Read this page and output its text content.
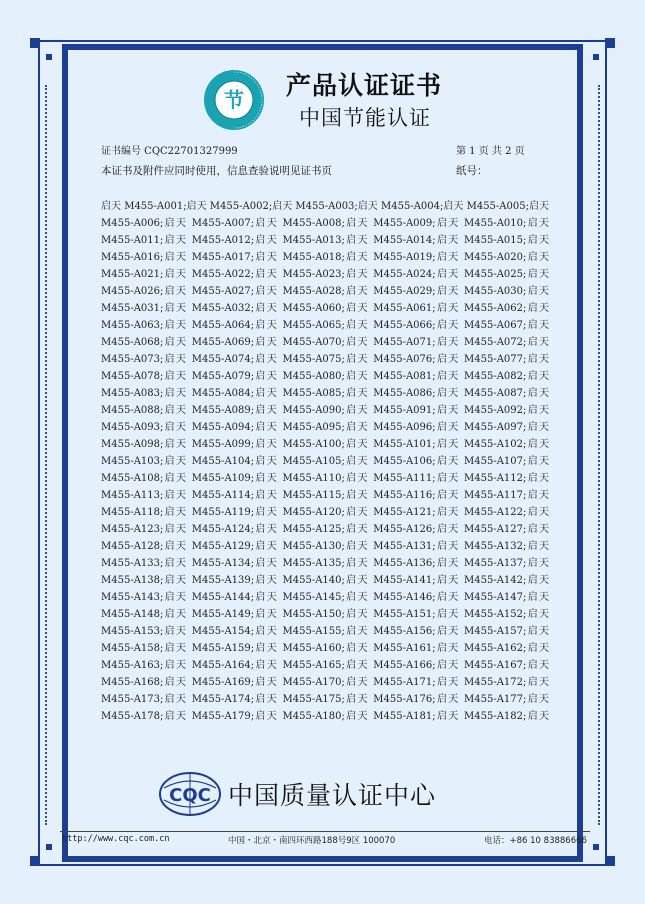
节 产品认证证书
中国节能认证
证书编号 CQC22701327999	第 1 页 共 2 页
本证书及附件应同时使用，信息查验说明见证书页	纸号：
启天 M455-A001;启天 M455-A002;启天 M455-A003;启天 M455-A004;启天 M455-A005;启天
M455-A006;启天 M455-A007;启天 M455-A008;启天 M455-A009;启天 M455-A010;启天
M455-A011;启天 M455-A012;启天 M455-A013;启天 M455-A014;启天 M455-A015;启天
M455-A016;启天 M455-A017;启天 M455-A018;启天 M455-A019;启天 M455-A020;启天
M455-A021;启天 M455-A022;启天 M455-A023;启天 M455-A024;启天 M455-A025;启天
M455-A026;启天 M455-A027;启天 M455-A028;启天 M455-A029;启天 M455-A030;启天
M455-A031;启天 M455-A032;启天 M455-A060;启天 M455-A061;启天 M455-A062;启天
M455-A063;启天 M455-A064;启天 M455-A065;启天 M455-A066;启天 M455-A067;启天
M455-A068;启天 M455-A069;启天 M455-A070;启天 M455-A071;启天 M455-A072;启天
M455-A073;启天 M455-A074;启天 M455-A075;启天 M455-A076;启天 M455-A077;启天
M455-A078;启天 M455-A079;启天 M455-A080;启天 M455-A081;启天 M455-A082;启天
M455-A083;启天 M455-A084;启天 M455-A085;启天 M455-A086;启天 M455-A087;启天
M455-A088;启天 M455-A089;启天 M455-A090;启天 M455-A091;启天 M455-A092;启天
M455-A093;启天 M455-A094;启天 M455-A095;启天 M455-A096;启天 M455-A097;启天
M455-A098;启天 M455-A099;启天 M455-A100;启天 M455-A101;启天 M455-A102;启天
M455-A103;启天 M455-A104;启天 M455-A105;启天 M455-A106;启天 M455-A107;启天
M455-A108;启天 M455-A109;启天 M455-A110;启天 M455-A111;启天 M455-A112;启天
M455-A113;启天 M455-A114;启天 M455-A115;启天 M455-A116;启天 M455-A117;启天
M455-A118;启天 M455-A119;启天 M455-A120;启天 M455-A121;启天 M455-A122;启天
M455-A123;启天 M455-A124;启天 M455-A125;启天 M455-A126;启天 M455-A127;启天
M455-A128;启天 M455-A129;启天 M455-A130;启天 M455-A131;启天 M455-A132;启天
M455-A133;启天 M455-A134;启天 M455-A135;启天 M455-A136;启天 M455-A137;启天
M455-A138;启天 M455-A139;启天 M455-A140;启天 M455-A141;启天 M455-A142;启天
M455-A143;启天 M455-A144;启天 M455-A145;启天 M455-A146;启天 M455-A147;启天
M455-A148;启天 M455-A149;启天 M455-A150;启天 M455-A151;启天 M455-A152;启天
M455-A153;启天 M455-A154;启天 M455-A155;启天 M455-A156;启天 M455-A157;启天
M455-A158;启天 M455-A159;启天 M455-A160;启天 M455-A161;启天 M455-A162;启天
M455-A163;启天 M455-A164;启天 M455-A165;启天 M455-A166;启天 M455-A167;启天
M455-A168;启天 M455-A169;启天 M455-A170;启天 M455-A171;启天 M455-A172;启天
M455-A173;启天 M455-A174;启天 M455-A175;启天 M455-A176;启天 M455-A177;启天
M455-A178;启天 M455-A179;启天 M455-A180;启天 M455-A181;启天 M455-A182;启天
CQC 中国质量认证中心
http://www.cqc.com.cn	中国・北京・南四环西路188号9区 100070	电话：+86 10 83886666
